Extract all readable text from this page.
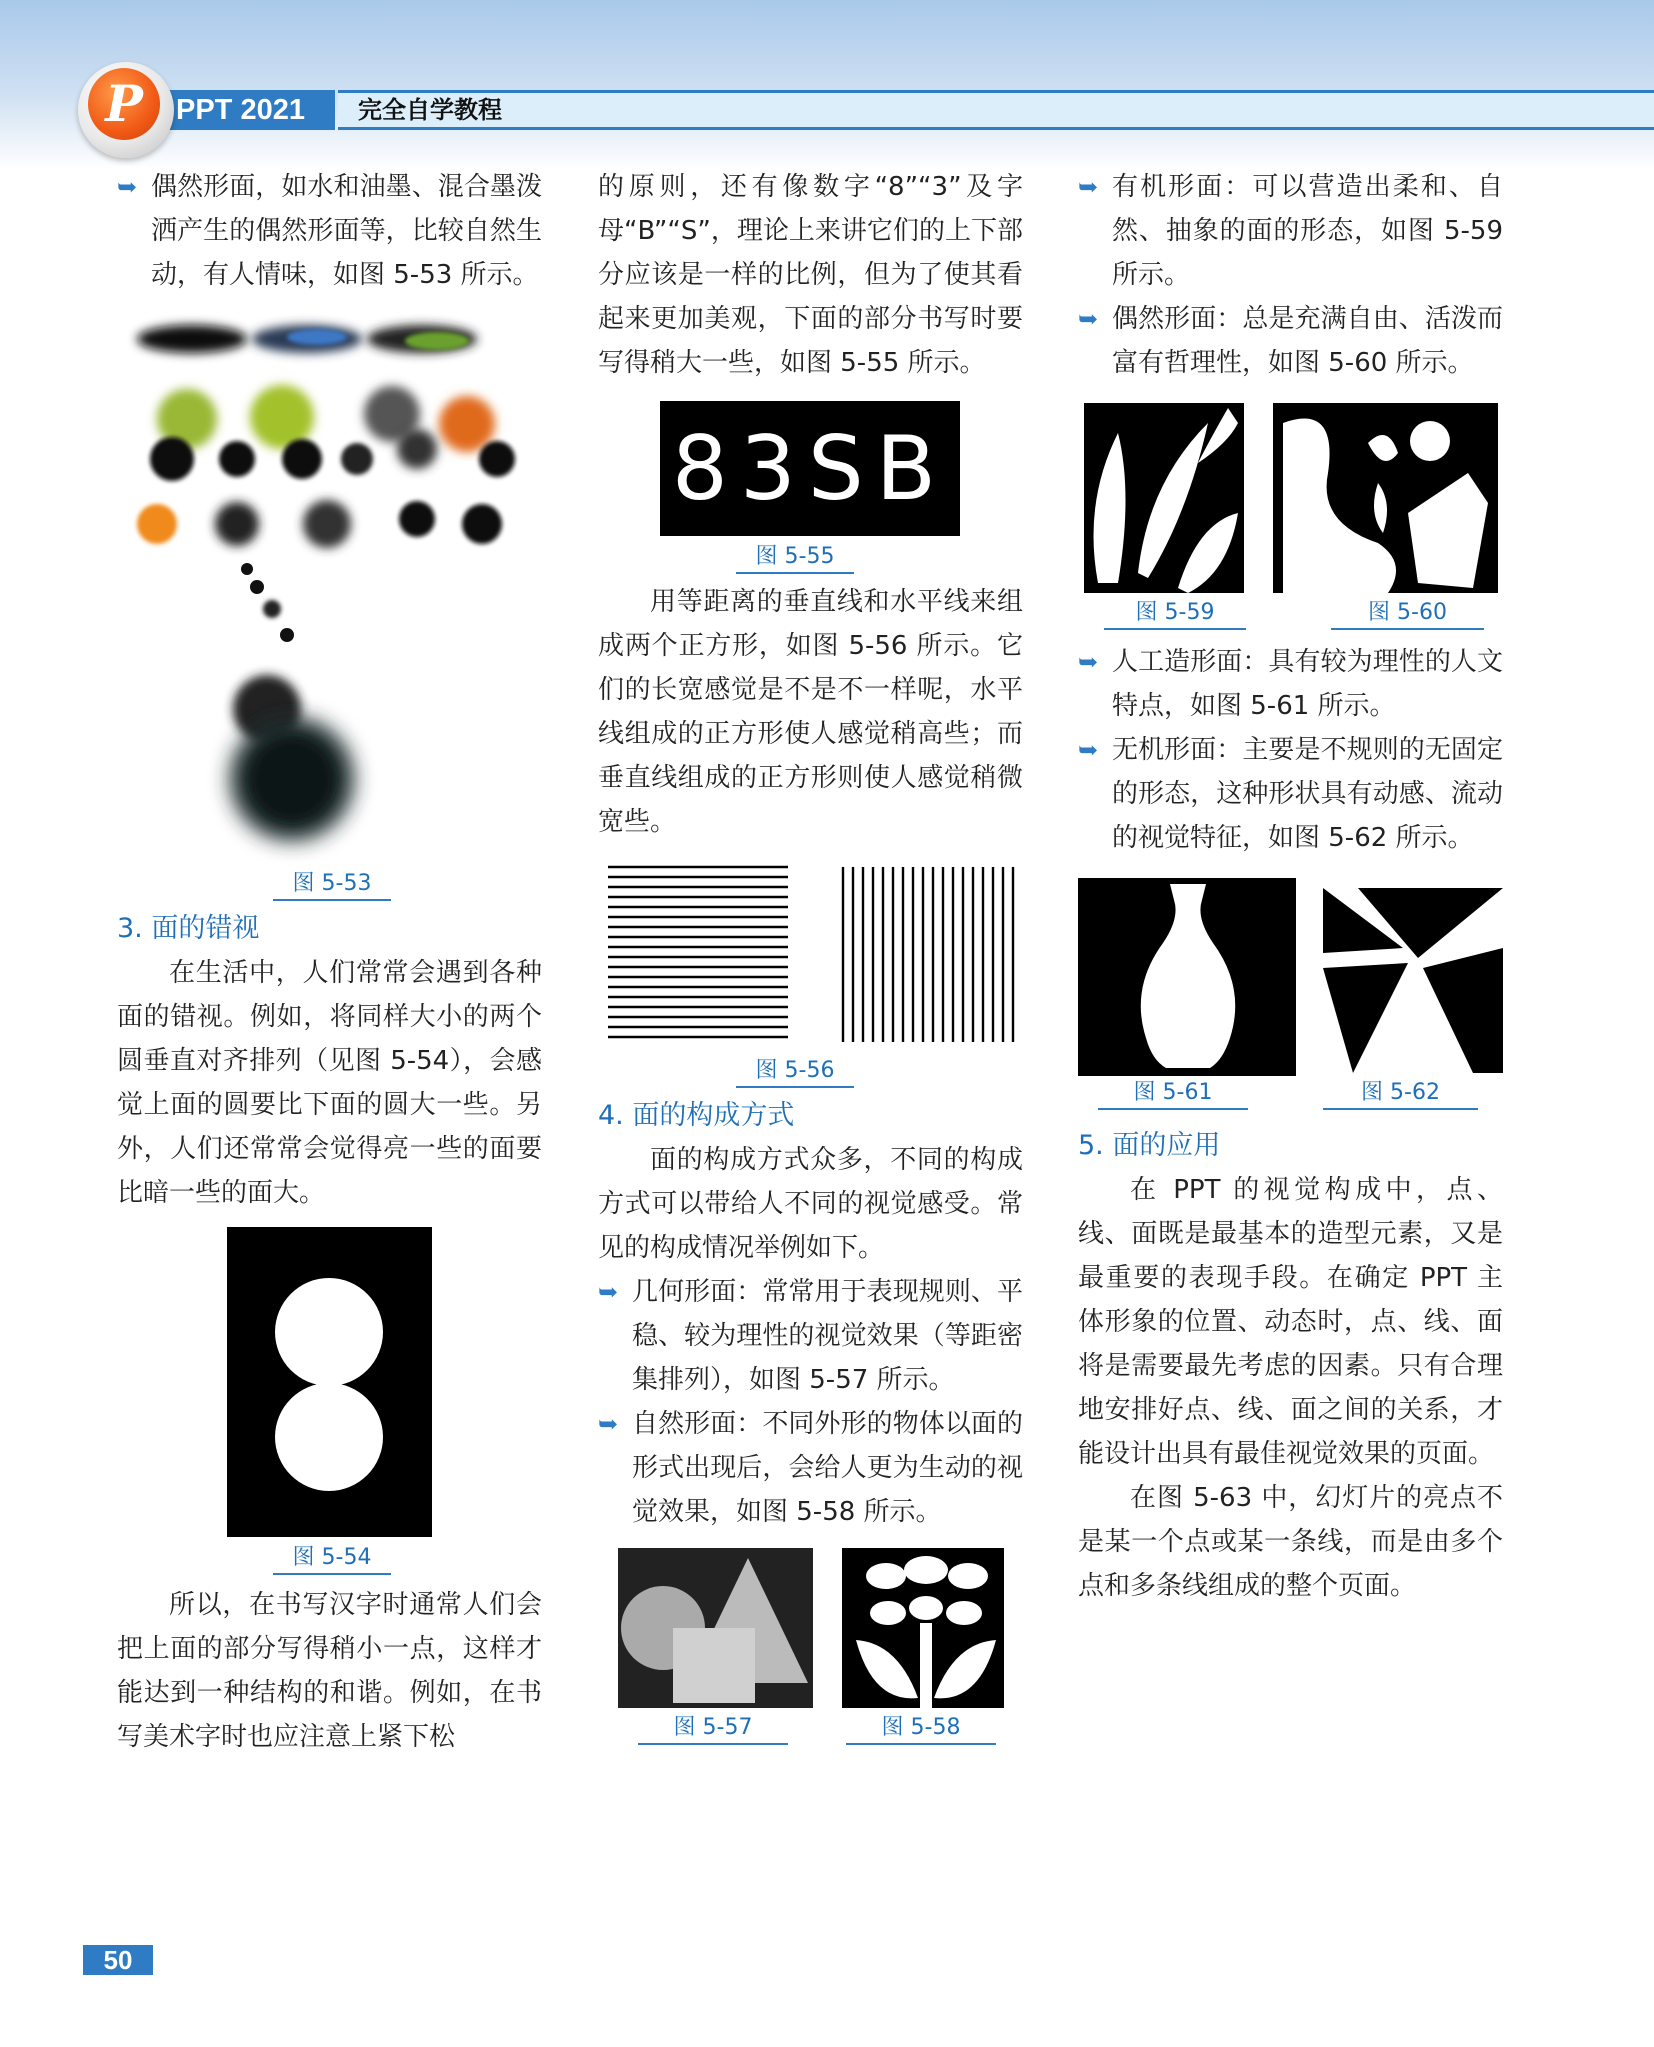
P	PPT 2021 完全自学教程

➥ 偶然形面，如水和油墨、混合墨泼洒产生的偶然形面等，比较自然生动，有人情味，如图 5-53 所示。

图 5-53

3. 面的错视

在生活中，人们常常会遇到各种面的错视。例如，将同样大小的两个圆垂直对齐排列（见图 5-54），会感觉上面的圆要比下面的圆大一些。另外，人们还常常会觉得亮一些的面要比暗一些的面大。

图 5-54

所以，在书写汉字时通常人们会把上面的部分写得稍小一点，这样才能达到一种结构的和谐。例如，在书写美术字时也应注意上紧下松

的原则，还有像数字“8”“3”及字母“B”“S”，理论上来讲它们的上下部分应该是一样的比例，但为了使其看起来更加美观，下面的部分书写时要写得稍大一些，如图 5-55 所示。

83SB
图 5-55

用等距离的垂直线和水平线来组成两个正方形，如图 5-56 所示。它们的长宽感觉是不是不一样呢，水平线组成的正方形使人感觉稍高些；而垂直线组成的正方形则使人感觉稍微宽些。

图 5-56

4. 面的构成方式

面的构成方式众多，不同的构成方式可以带给人不同的视觉感受。常见的构成情况举例如下。

➥ 几何形面：常常用于表现规则、平稳、较为理性的视觉效果（等距密集排列），如图 5-57 所示。

➥ 自然形面：不同外形的物体以面的形式出现后，会给人更为生动的视觉效果，如图 5-58 所示。

图 5-57	图 5-58

➥ 有机形面：可以营造出柔和、自然、抽象的面的形态，如图 5-59 所示。

➥ 偶然形面：总是充满自由、活泼而富有哲理性，如图 5-60 所示。

图 5-59	图 5-60

➥ 人工造形面：具有较为理性的人文特点，如图 5-61 所示。

➥ 无机形面：主要是不规则的无固定的形态，这种形状具有动感、流动的视觉特征，如图 5-62 所示。

图 5-61	图 5-62

5. 面的应用

在 PPT 的视觉构成中，点、线、面既是最基本的造型元素，又是最重要的表现手段。在确定 PPT 主体形象的位置、动态时，点、线、面将是需要最先考虑的因素。只有合理地安排好点、线、面之间的关系，才能设计出具有最佳视觉效果的页面。

在图 5-63 中，幻灯片的亮点不是某一个点或某一条线，而是由多个点和多条线组成的整个页面。

50
